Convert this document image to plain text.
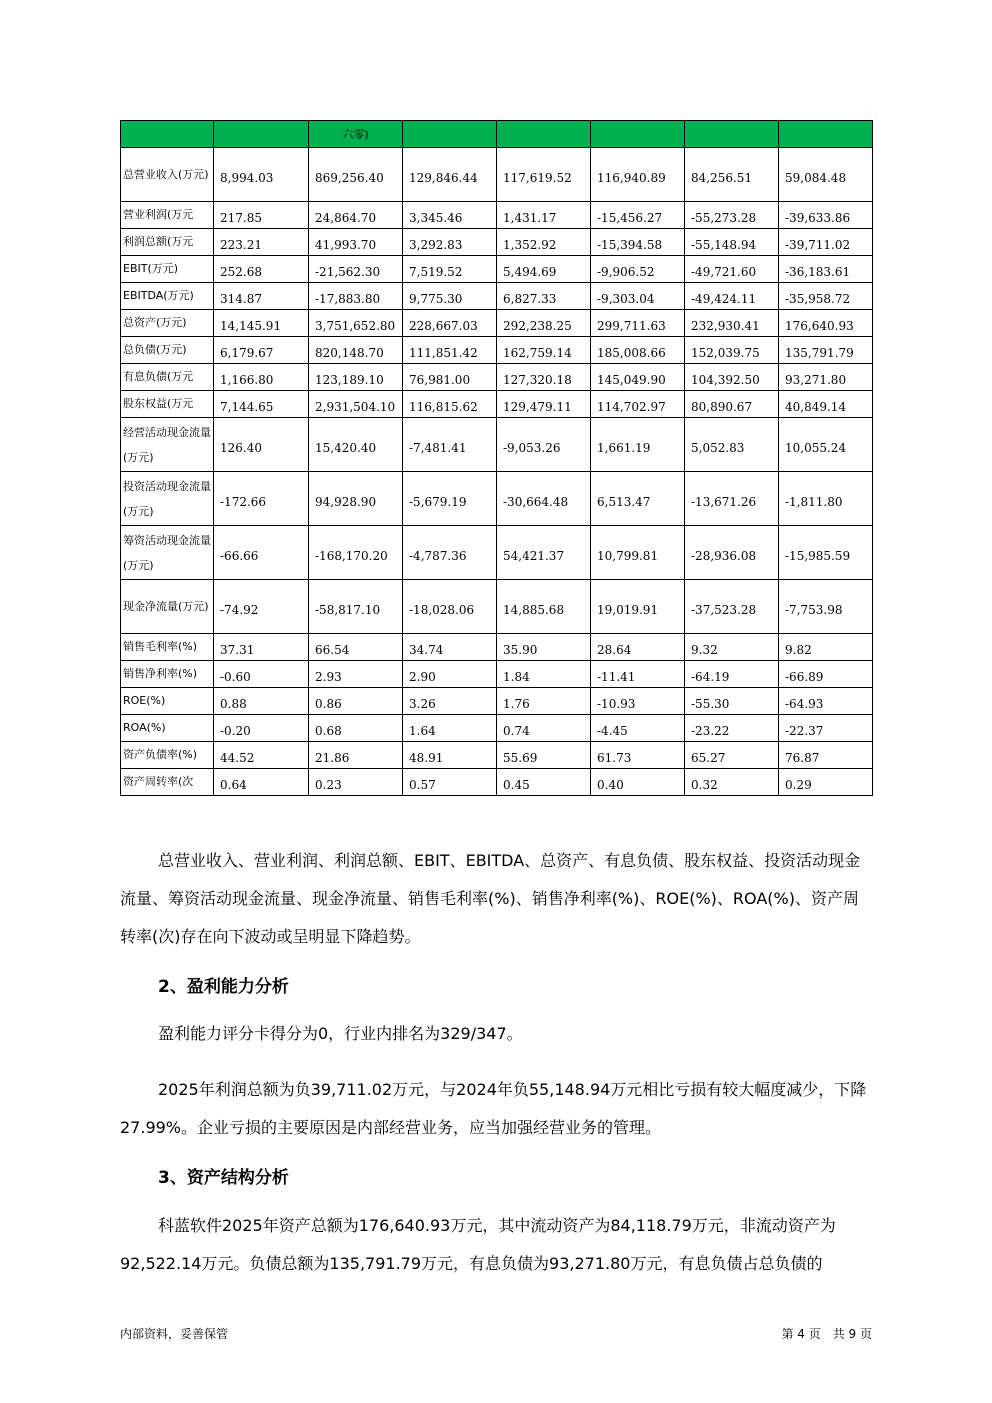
		六零)					
总营业收入(万元)	8,994.03	869,256.40	129,846.44	117,619.52	116,940.89	84,256.51	59,084.48
营业利润(万元	217.85	24,864.70	3,345.46	1,431.17	-15,456.27	-55,273.28	-39,633.86
利润总额(万元	223.21	41,993.70	3,292.83	1,352.92	-15,394.58	-55,148.94	-39,711.02
EBIT(万元)	252.68	-21,562.30	7,519.52	5,494.69	-9,906.52	-49,721.60	-36,183.61
EBITDA(万元)	314.87	-17,883.80	9,775.30	6,827.33	-9,303.04	-49,424.11	-35,958.72
总资产(万元)	14,145.91	3,751,652.80	228,667.03	292,238.25	299,711.63	232,930.41	176,640.93
总负债(万元)	6,179.67	820,148.70	111,851.42	162,759.14	185,008.66	152,039.75	135,791.79
有息负债(万元	1,166.80	123,189.10	76,981.00	127,320.18	145,049.90	104,392.50	93,271.80
股东权益(万元	7,144.65	2,931,504.10	116,815.62	129,479.11	114,702.97	80,890.67	40,849.14
经营活动现金流量(万元)	126.40	15,420.40	-7,481.41	-9,053.26	1,661.19	5,052.83	10,055.24
投资活动现金流量(万元)	-172.66	94,928.90	-5,679.19	-30,664.48	6,513.47	-13,671.26	-1,811.80
筹资活动现金流量(万元)	-66.66	-168,170.20	-4,787.36	54,421.37	10,799.81	-28,936.08	-15,985.59
现金净流量(万元)	-74.92	-58,817.10	-18,028.06	14,885.68	19,019.91	-37,523.28	-7,753.98
销售毛利率(%)	37.31	66.54	34.74	35.90	28.64	9.32	9.82
销售净利率(%)	-0.60	2.93	2.90	1.84	-11.41	-64.19	-66.89
ROE(%)	0.88	0.86	3.26	1.76	-10.93	-55.30	-64.93
ROA(%)	-0.20	0.68	1.64	0.74	-4.45	-23.22	-22.37
资产负债率(%)	44.52	21.86	48.91	55.69	61.73	65.27	76.87
资产周转率(次	0.64	0.23	0.57	0.45	0.40	0.32	0.29
总营业收入、营业利润、利润总额、EBIT、EBITDA、总资产、有息负债、股东权益、投资活动现金流量、筹资活动现金流量、现金净流量、销售毛利率(%)、销售净利率(%)、ROE(%)、ROA(%)、资产周转率(次)存在向下波动或呈明显下降趋势。
2、盈利能力分析
盈利能力评分卡得分为0，行业内排名为329/347。
2025年利润总额为负39,711.02万元，与2024年负55,148.94万元相比亏损有较大幅度减少，下降27.99%。企业亏损的主要原因是内部经营业务，应当加强经营业务的管理。
3、资产结构分析
科蓝软件2025年资产总额为176,640.93万元，其中流动资产为84,118.79万元，非流动资产为92,522.14万元。负债总额为135,791.79万元，有息负债为93,271.80万元，有息负债占总负债的
内部资料，妥善保管	第 4 页　共 9 页
